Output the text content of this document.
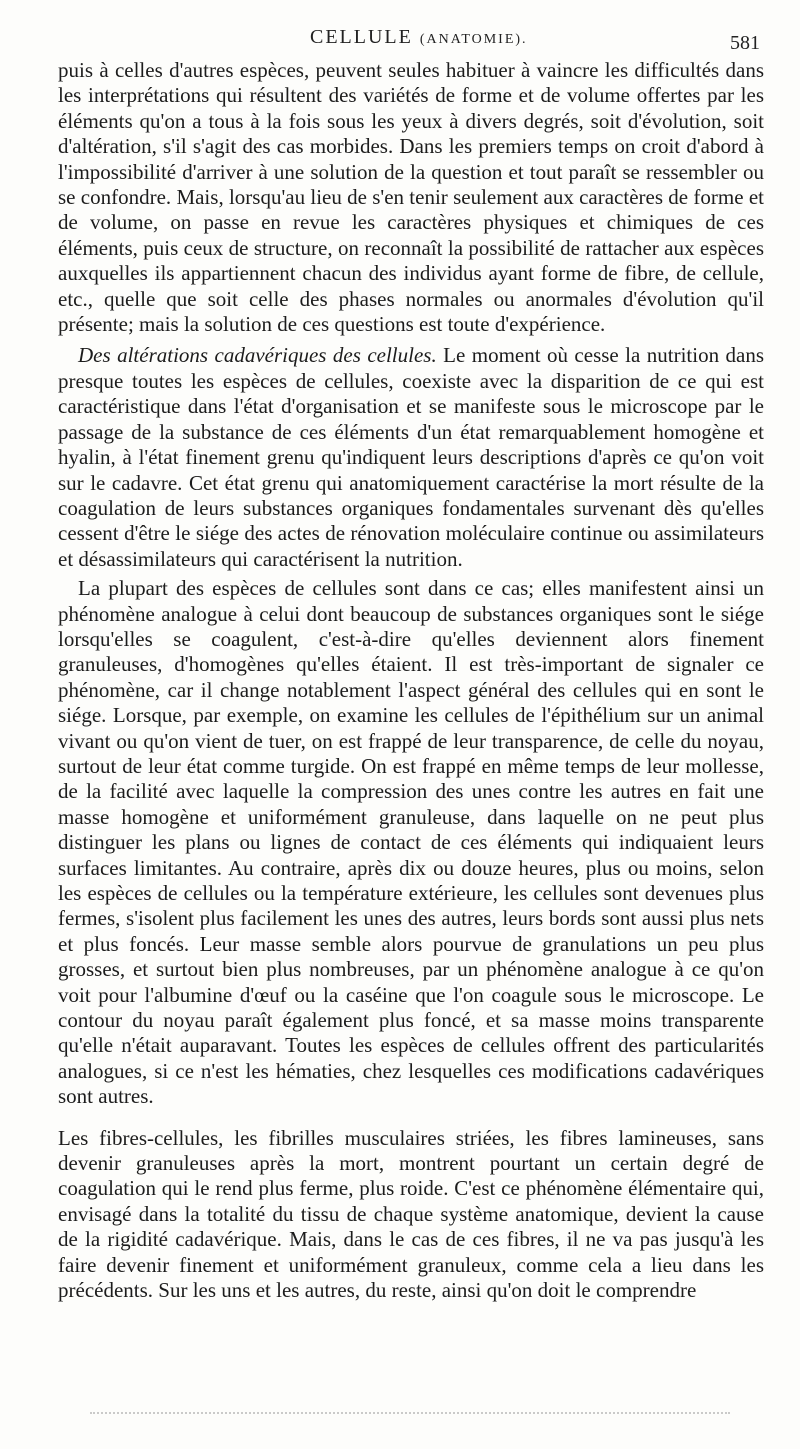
CELLULE (ANATOMIE).	581

puis à celles d'autres espèces, peuvent seules habituer à vaincre les difficultés dans les interprétations qui résultent des variétés de forme et de volume offertes par les éléments qu'on a tous à la fois sous les yeux à divers degrés, soit d'évolution, soit d'altération, s'il s'agit des cas morbides. Dans les premiers temps on croit d'abord à l'impossibilité d'arriver à une solution de la question et tout paraît se ressembler ou se confondre. Mais, lorsqu'au lieu de s'en tenir seulement aux caractères de forme et de volume, on passe en revue les caractères physiques et chimiques de ces éléments, puis ceux de structure, on reconnaît la possibilité de rattacher aux espèces auxquelles ils appartiennent chacun des individus ayant forme de fibre, de cellule, etc., quelle que soit celle des phases normales ou anormales d'évolution qu'il présente; mais la solution de ces questions est toute d'expérience.

Des altérations cadavériques des cellules. Le moment où cesse la nutrition dans presque toutes les espèces de cellules, coexiste avec la disparition de ce qui est caractéristique dans l'état d'organisation et se manifeste sous le microscope par le passage de la substance de ces éléments d'un état remarquablement homogène et hyalin, à l'état finement grenu qu'indiquent leurs descriptions d'après ce qu'on voit sur le cadavre. Cet état grenu qui anatomiquement caractérise la mort résulte de la coagulation de leurs substances organiques fondamentales survenant dès qu'elles cessent d'être le siége des actes de rénovation moléculaire continue ou assimilateurs et désassimilateurs qui caractérisent la nutrition.

La plupart des espèces de cellules sont dans ce cas; elles manifestent ainsi un phénomène analogue à celui dont beaucoup de substances organiques sont le siége lorsqu'elles se coagulent, c'est-à-dire qu'elles deviennent alors finement granuleuses, d'homogènes qu'elles étaient. Il est très-important de signaler ce phénomène, car il change notablement l'aspect général des cellules qui en sont le siége. Lorsque, par exemple, on examine les cellules de l'épithélium sur un animal vivant ou qu'on vient de tuer, on est frappé de leur transparence, de celle du noyau, surtout de leur état comme turgide. On est frappé en même temps de leur mollesse, de la facilité avec laquelle la compression des unes contre les autres en fait une masse homogène et uniformément granuleuse, dans laquelle on ne peut plus distinguer les plans ou lignes de contact de ces éléments qui indiquaient leurs surfaces limitantes. Au contraire, après dix ou douze heures, plus ou moins, selon les espèces de cellules ou la température extérieure, les cellules sont devenues plus fermes, s'isolent plus facilement les unes des autres, leurs bords sont aussi plus nets et plus foncés. Leur masse semble alors pourvue de granulations un peu plus grosses, et surtout bien plus nombreuses, par un phénomène analogue à ce qu'on voit pour l'albumine d'œuf ou la caséine que l'on coagule sous le microscope. Le contour du noyau paraît également plus foncé, et sa masse moins transparente qu'elle n'était auparavant. Toutes les espèces de cellules offrent des particularités analogues, si ce n'est les hématies, chez lesquelles ces modifications cadavériques sont autres.

Les fibres-cellules, les fibrilles musculaires striées, les fibres lamineuses, sans devenir granuleuses après la mort, montrent pourtant un certain degré de coagulation qui le rend plus ferme, plus roide. C'est ce phénomène élémentaire qui, envisagé dans la totalité du tissu de chaque système anatomique, devient la cause de la rigidité cadavérique. Mais, dans le cas de ces fibres, il ne va pas jusqu'à les faire devenir finement et uniformément granuleux, comme cela a lieu dans les précédents. Sur les uns et les autres, du reste, ainsi qu'on doit le comprendre
